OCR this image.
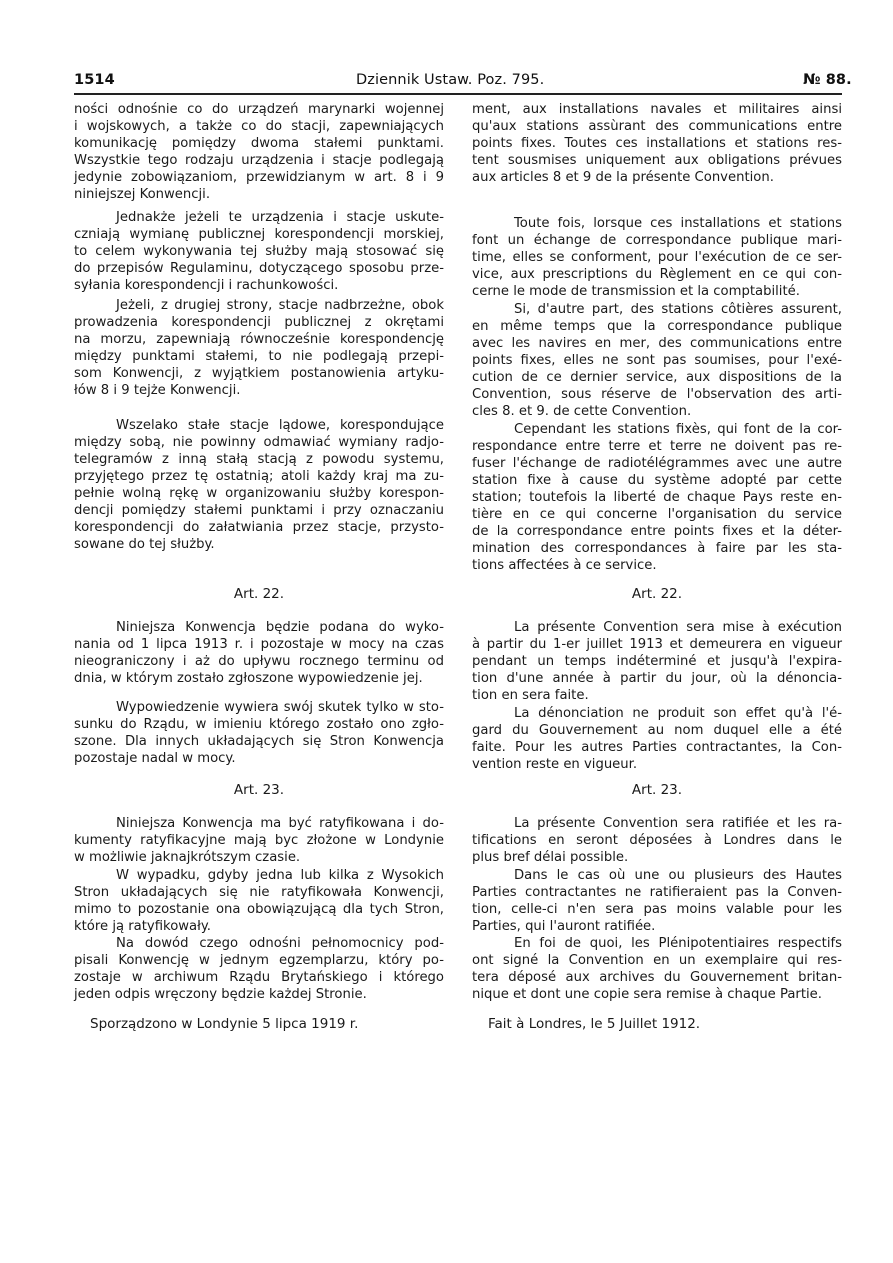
1514	Dziennik Ustaw. Poz. 795.	№ 88.
ności odnośnie co do urządzeń marynarki wojennej
i wojskowych, a także co do stacji, zapewniających
komunikację pomiędzy dwoma stałemi punktami.
Wszystkie tego rodzaju urządzenia i stacje podlegają
jedynie zobowiązaniom, przewidzianym w art. 8 i 9
niniejszej Konwencji.
Jednakże jeżeli te urządzenia i stacje uskute-
czniają wymianę publicznej korespondencji morskiej,
to celem wykonywania tej służby mają stosować się
do przepisów Regulaminu, dotyczącego sposobu prze-
syłania korespondencji i rachunkowości.
Jeżeli, z drugiej strony, stacje nadbrzeżne, obok
prowadzenia korespondencji publicznej z okrętami
na morzu, zapewniają równocześnie korespondencję
między punktami stałemi, to nie podlegają przepi-
som Konwencji, z wyjątkiem postanowienia artyku-
łów 8 i 9 tejże Konwencji.
Wszelako stałe stacje lądowe, korespondujące
między sobą, nie powinny odmawiać wymiany radjo-
telegramów z inną stałą stacją z powodu systemu,
przyjętego przez tę ostatnią; atoli każdy kraj ma zu-
pełnie wolną rękę w organizowaniu służby korespon-
dencji pomiędzy stałemi punktami i przy oznaczaniu
korespondencji do załatwiania przez stacje, przysto-
sowane do tej służby.
Art. 22.
Niniejsza Konwencja będzie podana do wyko-
nania od 1 lipca 1913 r. i pozostaje w mocy na czas
nieograniczony i aż do upływu rocznego terminu od
dnia, w którym zostało zgłoszone wypowiedzenie jej.
Wypowiedzenie wywiera swój skutek tylko w sto-
sunku do Rządu, w imieniu którego zostało ono zgło-
szone. Dla innych układających się Stron Konwencja
pozostaje nadal w mocy.
Art. 23.
Niniejsza Konwencja ma być ratyfikowana i do-
kumenty ratyfikacyjne mają byc złożone w Londynie
w możliwie jaknajkrótszym czasie.
W wypadku, gdyby jedna lub kilka z Wysokich
Stron układających się nie ratyfikowała Konwencji,
mimo to pozostanie ona obowiązującą dla tych Stron,
które ją ratyfikowały.
Na dowód czego odnośni pełnomocnicy pod-
pisali Konwencję w jednym egzemplarzu, który po-
zostaje w archiwum Rządu Brytańskiego i którego
jeden odpis wręczony będzie każdej Stronie.
Sporządzono w Londynie 5 lipca 1919 r.
ment, aux installations navales et militaires ainsi
qu'aux stations assùrant des communications entre
points fixes. Toutes ces installations et stations res-
tent sousmises uniquement aux obligations prévues
aux articles 8 et 9 de la présente Convention.
Toute fois, lorsque ces installations et stations
font un échange de correspondance publique mari-
time, elles se conforment, pour l'exécution de ce ser-
vice, aux prescriptions du Règlement en ce qui con-
cerne le mode de transmission et la comptabilité.
Si, d'autre part, des stations côtières assurent,
en même temps que la correspondance publique
avec les navires en mer, des communications entre
points fixes, elles ne sont pas soumises, pour l'exé-
cution de ce dernier service, aux dispositions de la
Convention, sous réserve de l'observation des arti-
cles 8. et 9. de cette Convention.
Cependant les stations fixès, qui font de la cor-
respondance entre terre et terre ne doivent pas re-
fuser l'échange de radiotélégrammes avec une autre
station fixe à cause du système adopté par cette
station; toutefois la liberté de chaque Pays reste en-
tière en ce qui concerne l'organisation du service
de la correspondance entre points fixes et la déter-
mination des correspondances à faire par les sta-
tions affectées à ce service.
Art. 22.
La présente Convention sera mise à exécution
à partir du 1-er juillet 1913 et demeurera en vigueur
pendant un temps indéterminé et jusqu'à l'expira-
tion d'une année à partir du jour, où la dénoncia-
tion en sera faite.
La dénonciation ne produit son effet qu'à l'é-
gard du Gouvernement au nom duquel elle a été
faite. Pour les autres Parties contractantes, la Con-
vention reste en vigueur.
Art. 23.
La présente Convention sera ratifiée et les ra-
tifications en seront déposées à Londres dans le
plus bref délai possible.
Dans le cas où une ou plusieurs des Hautes
Parties contractantes ne ratifieraient pas la Conven-
tion, celle-ci n'en sera pas moins valable pour les
Parties, qui l'auront ratifiée.
En foi de quoi, les Plénipotentiaires respectifs
ont signé la Convention en un exemplaire qui res-
tera déposé aux archives du Gouvernement britan-
nique et dont une copie sera remise à chaque Partie.
Fait à Londres, le 5 Juillet 1912.
